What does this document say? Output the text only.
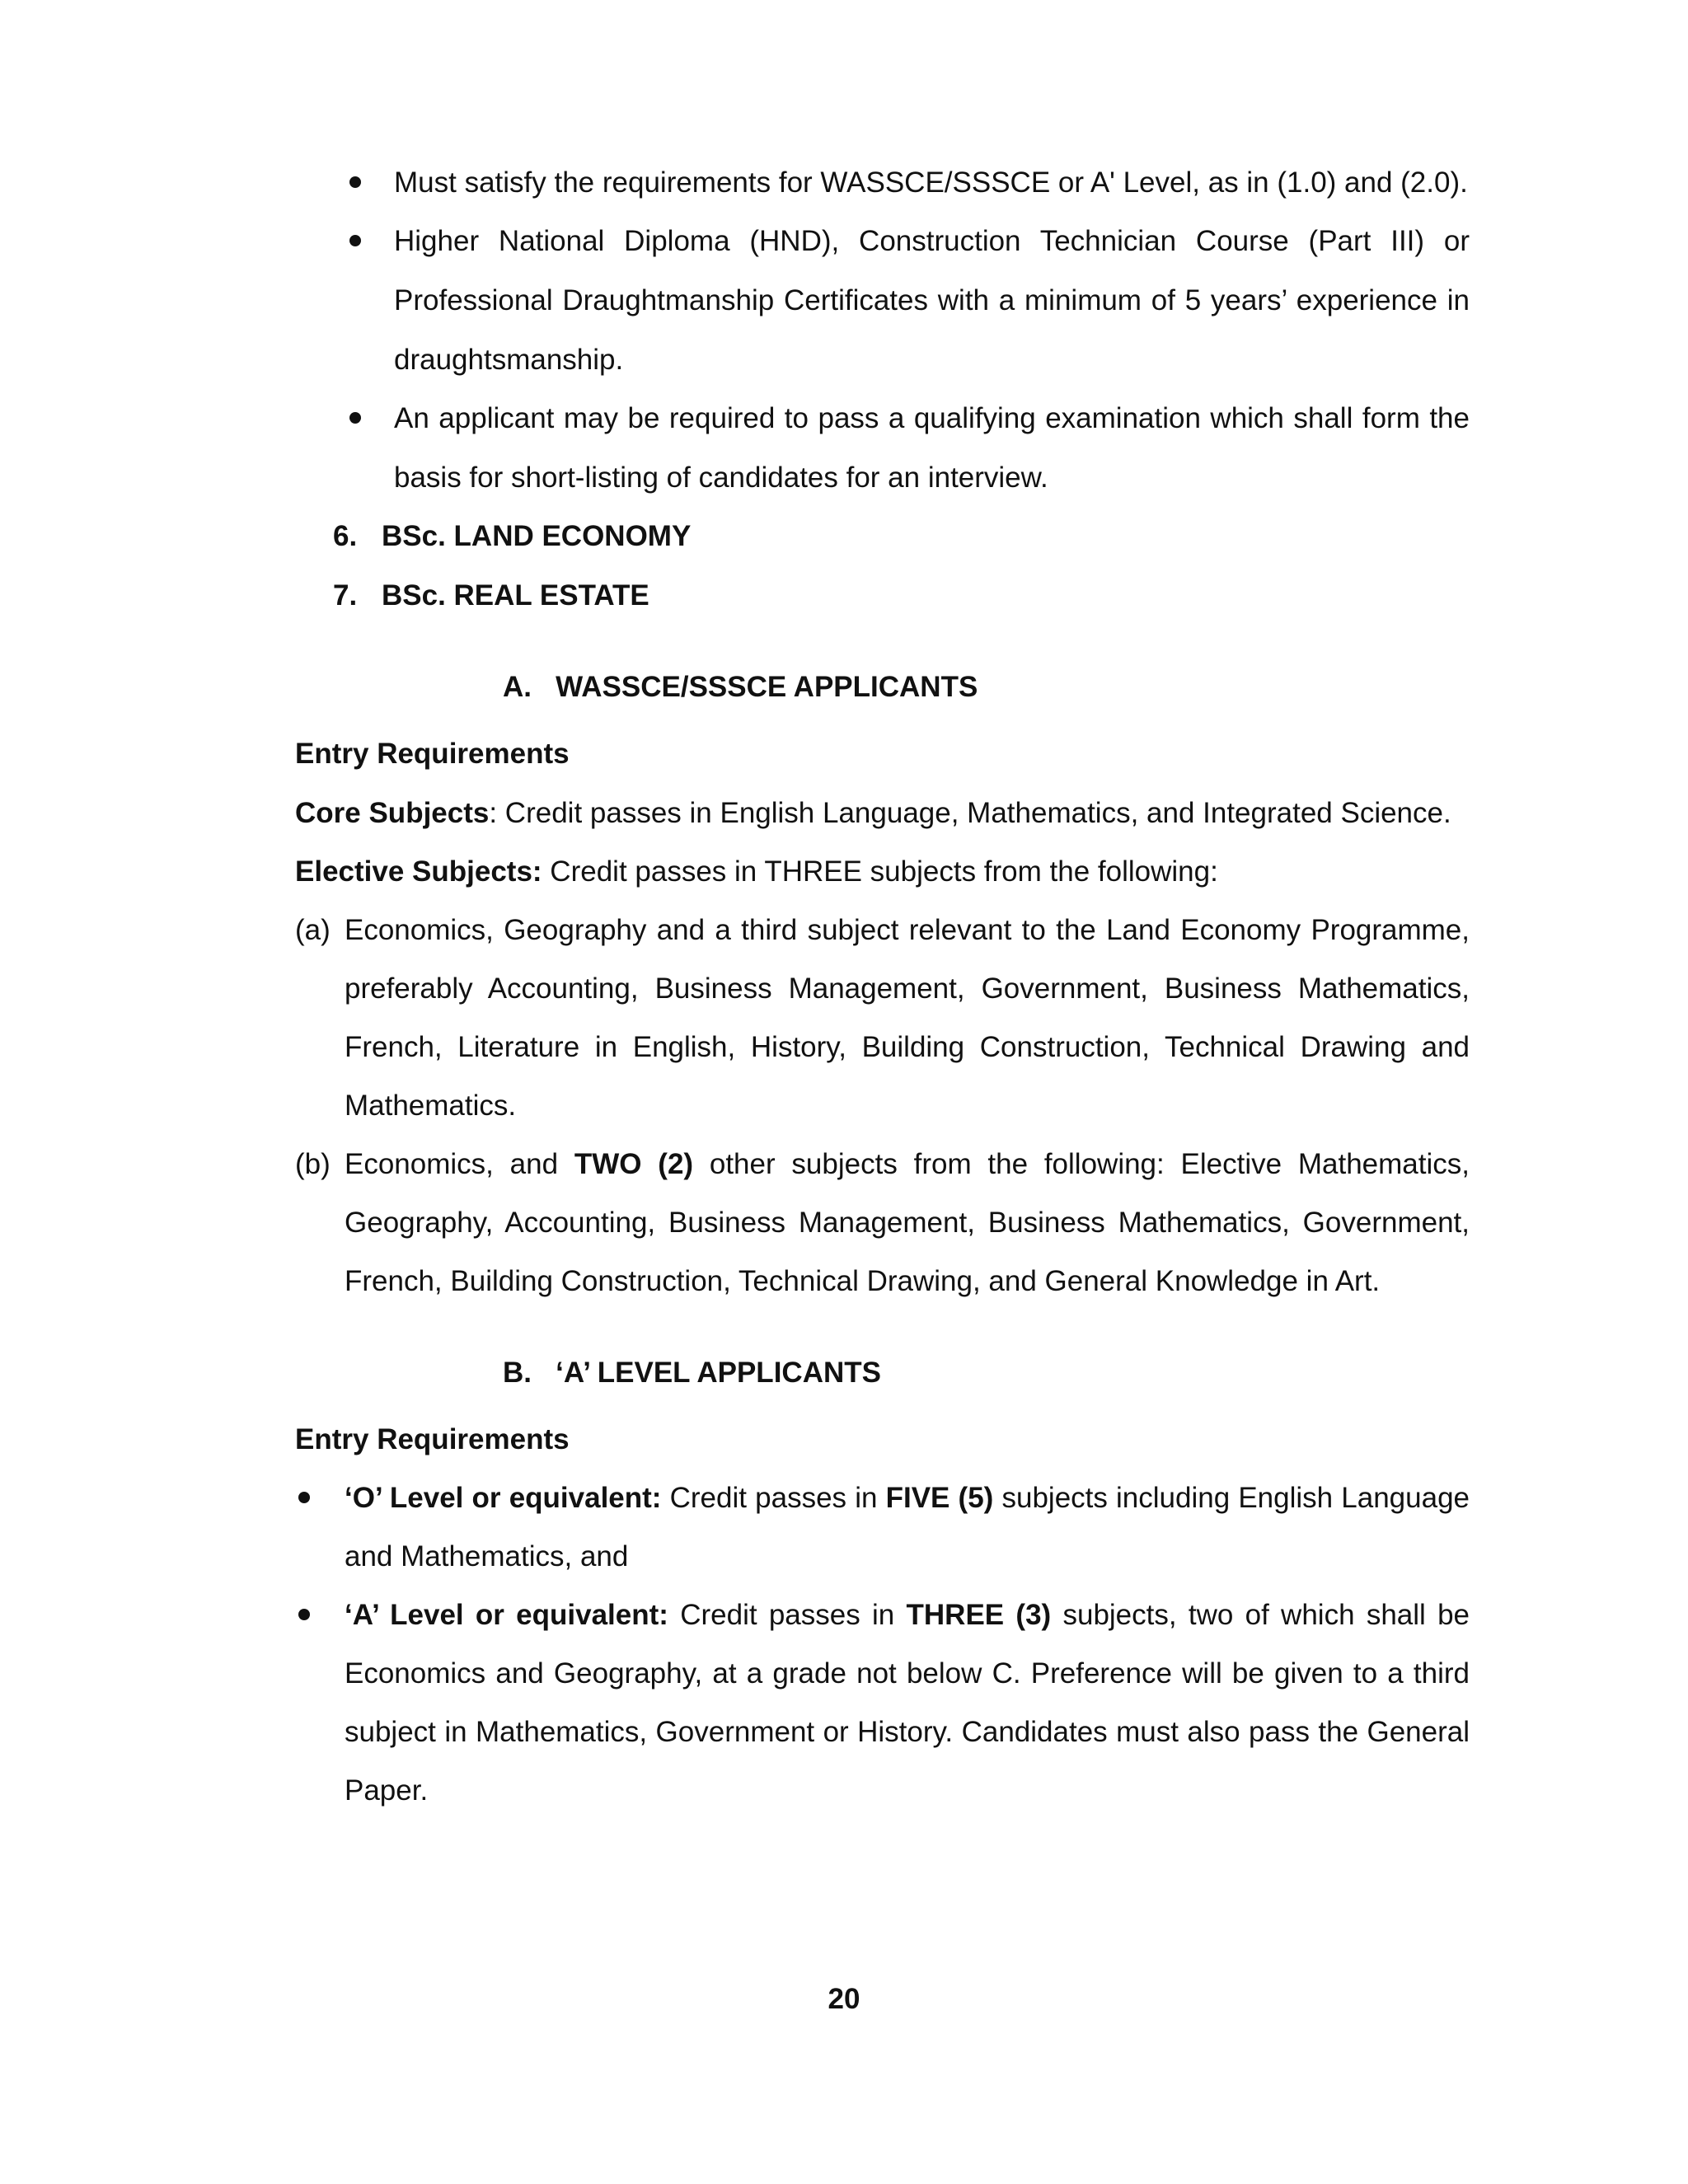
Must satisfy the requirements for WASSCE/SSSCE or A' Level, as in (1.0) and (2.0).
Higher National Diploma (HND), Construction Technician Course (Part III) or
Professional Draughtmanship Certificates with a minimum of 5 years’ experience in
draughtsmanship.
An applicant may be required to pass a qualifying examination which shall form the
basis for short-listing of candidates for an interview.
6. BSc. LAND ECONOMY
7. BSc. REAL ESTATE
A.   WASSCE/SSSCE APPLICANTS
Entry Requirements
Core Subjects: Credit passes in English Language, Mathematics, and Integrated Science.
Elective Subjects: Credit passes in THREE subjects from the following:
(a) Economics, Geography and a third subject relevant to the Land Economy Programme,
preferably Accounting, Business Management, Government, Business Mathematics,
French, Literature in English, History, Building Construction, Technical Drawing and
Mathematics.
(b) Economics, and TWO (2) other subjects from the following: Elective Mathematics,
Geography, Accounting, Business Management, Business Mathematics, Government,
French, Building Construction, Technical Drawing, and General Knowledge in Art.
B.   ‘A’ LEVEL APPLICANTS
Entry Requirements
‘O’ Level or equivalent: Credit passes in FIVE (5) subjects including English Language
and Mathematics, and
‘A’ Level or equivalent: Credit passes in THREE (3) subjects, two of which shall be
Economics and Geography, at a grade not below C. Preference will be given to a third
subject in Mathematics, Government or History. Candidates must also pass the General
Paper.
20
